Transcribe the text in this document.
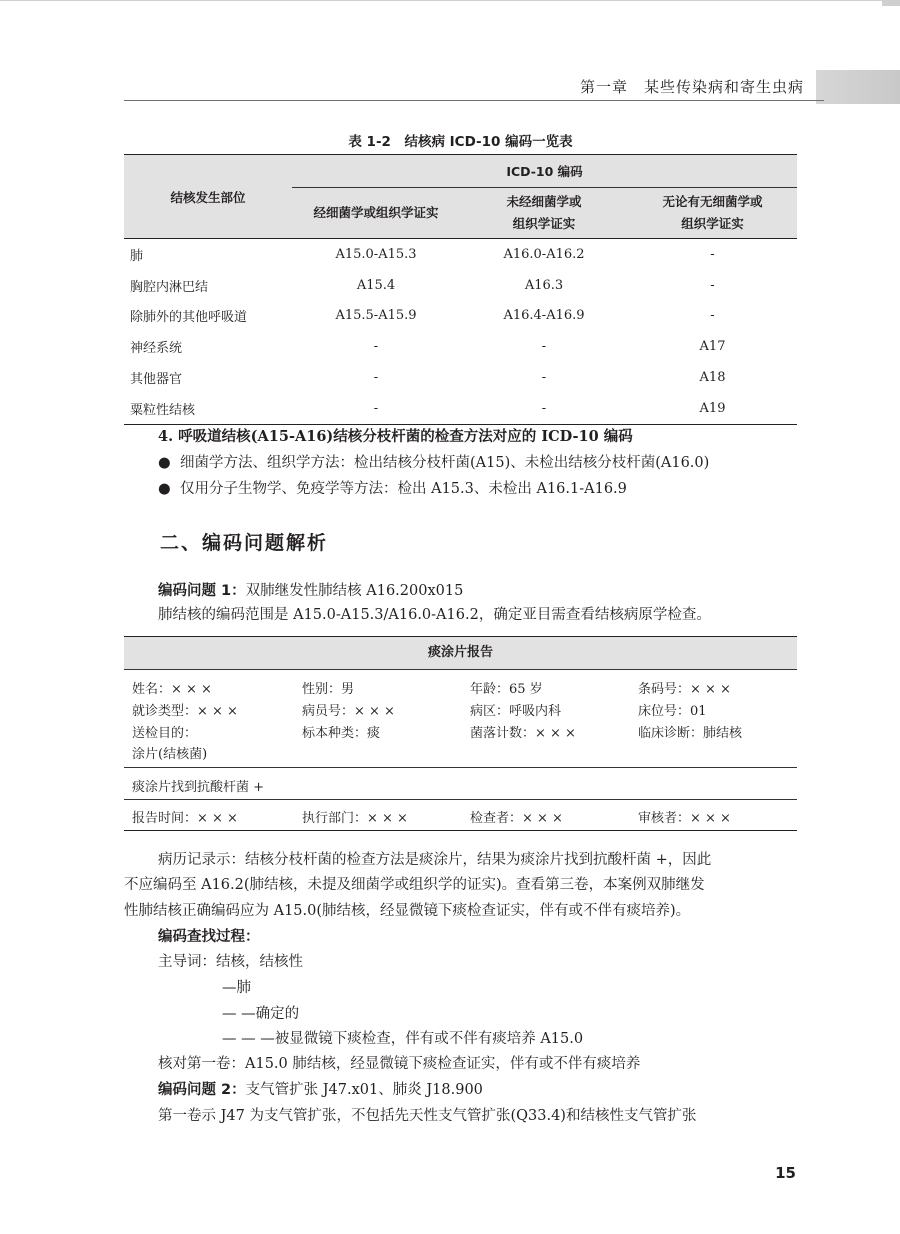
第一章　某些传染病和寄生虫病
表 1-2　结核病 ICD-10 编码一览表
结核发生部位	ICD-10 编码		
	经细菌学或组织学证实	未经细菌学或
组织学证实	无论有无细菌学或
组织学证实
肺	A15.0-A15.3	A16.0-A16.2	-
胸腔内淋巴结	A15.4	A16.3	-
除肺外的其他呼吸道	A15.5-A15.9	A16.4-A16.9	-
神经系统	-	-	A17
其他器官	-	-	A18
粟粒性结核	-	-	A19
4. 呼吸道结核(A15-A16)结核分枝杆菌的检查方法对应的 ICD-10 编码
● 细菌学方法、组织学方法：检出结核分枝杆菌(A15)、未检出结核分枝杆菌(A16.0)
● 仅用分子生物学、免疫学等方法：检出 A15.3、未检出 A16.1-A16.9
二、编码问题解析
编码问题 1：双肺继发性肺结核 A16.200x015
肺结核的编码范围是 A15.0-A15.3/A16.0-A16.2，确定亚目需查看结核病原学检查。
痰涂片报告
姓名：× × ×	性别：男	年龄：65 岁	条码号：× × ×
就诊类型：× × ×	病员号：× × ×	病区：呼吸内科	床位号：01
送检目的：	标本种类：痰	菌落计数：× × ×	临床诊断：肺结核
涂片(结核菌)
痰涂片找到抗酸杆菌 +
报告时间：× × ×	执行部门：× × ×	检查者：× × ×	审核者：× × ×
病历记录示：结核分枝杆菌的检查方法是痰涂片，结果为痰涂片找到抗酸杆菌 +，因此
不应编码至 A16.2(肺结核，未提及细菌学或组织学的证实)。查看第三卷，本案例双肺继发
性肺结核正确编码应为 A15.0(肺结核，经显微镜下痰检查证实，伴有或不伴有痰培养)。
编码查找过程：
主导词：结核，结核性
—肺
— —确定的
— — —被显微镜下痰检查，伴有或不伴有痰培养 A15.0
核对第一卷：A15.0 肺结核，经显微镜下痰检查证实，伴有或不伴有痰培养
编码问题 2：支气管扩张 J47.x01、肺炎 J18.900
第一卷示 J47 为支气管扩张，不包括先天性支气管扩张(Q33.4)和结核性支气管扩张
15
